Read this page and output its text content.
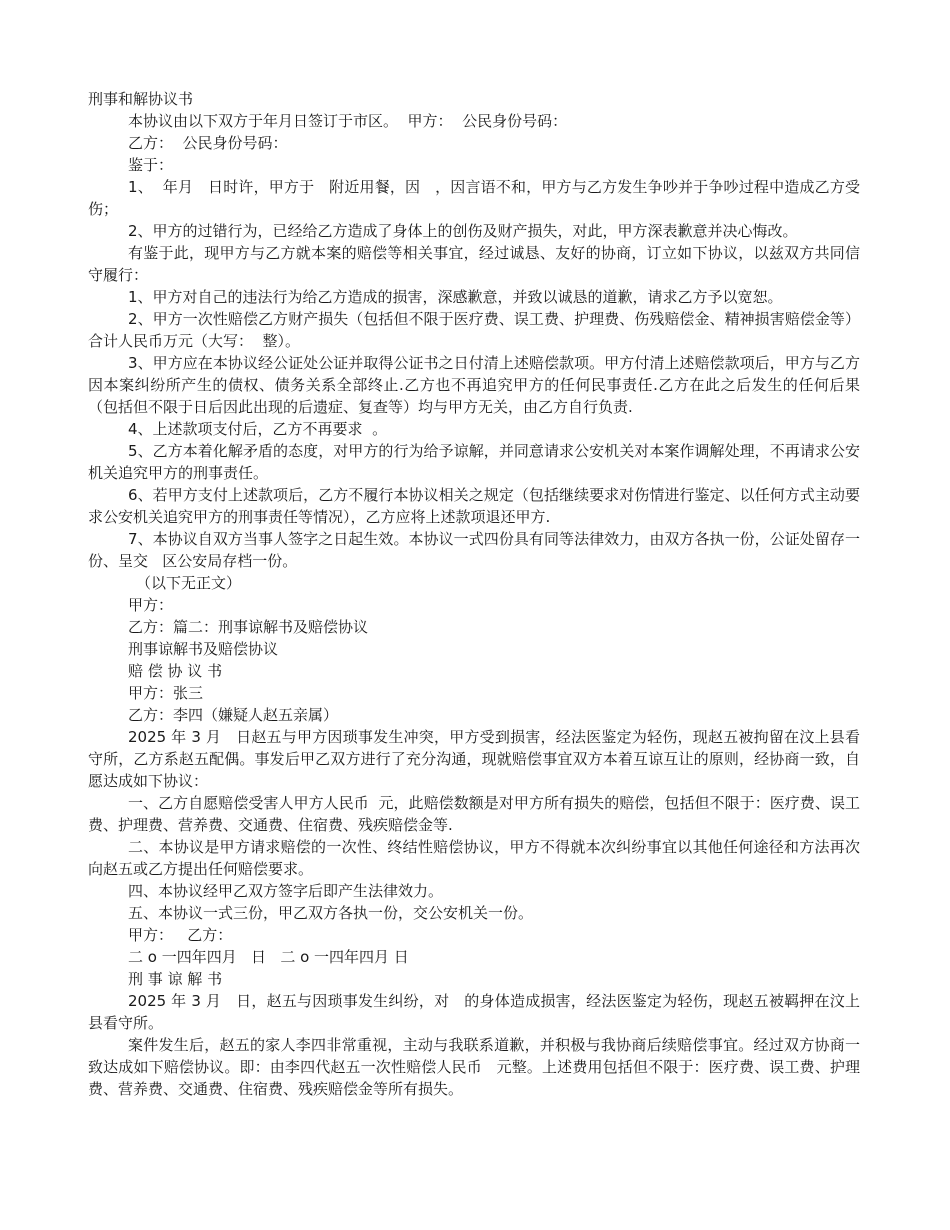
刑事和解协议书

本协议由以下双方于年月日签订于市区。  甲方：  公民身份号码：

乙方：  公民身份号码：

鉴于：

1、  年月   日时许，甲方于   附近用餐，因   ，因言语不和，甲方与乙方发生争吵并于争吵过程中造成乙方受伤；

2、甲方的过错行为，已经给乙方造成了身体上的创伤及财产损失，对此，甲方深表歉意并决心悔改。

有鉴于此，现甲方与乙方就本案的赔偿等相关事宜，经过诚恳、友好的协商，订立如下协议，以兹双方共同信守履行：

1、甲方对自己的违法行为给乙方造成的损害，深感歉意，并致以诚恳的道歉，请求乙方予以宽恕。

2、甲方一次性赔偿乙方财产损失（包括但不限于医疗费、误工费、护理费、伤残赔偿金、精神损害赔偿金等）合计人民币万元（大写：  整）。

3、甲方应在本协议经公证处公证并取得公证书之日付清上述赔偿款项。甲方付清上述赔偿款项后，甲方与乙方因本案纠纷所产生的债权、债务关系全部终止.乙方也不再追究甲方的任何民事责任.乙方在此之后发生的任何后果（包括但不限于日后因此出现的后遗症、复查等）均与甲方无关，由乙方自行负责.

4、上述款项支付后，乙方不再要求  。

5、乙方本着化解矛盾的态度，对甲方的行为给予谅解，并同意请求公安机关对本案作调解处理，不再请求公安机关追究甲方的刑事责任。

6、若甲方支付上述款项后，乙方不履行本协议相关之规定（包括继续要求对伤情进行鉴定、以任何方式主动要求公安机关追究甲方的刑事责任等情况），乙方应将上述款项退还甲方.

7、本协议自双方当事人签字之日起生效。本协议一式四份具有同等法律效力，由双方各执一份，公证处留存一份、呈交   区公安局存档一份。

（以下无正文）

甲方：

乙方：篇二：刑事谅解书及赔偿协议

刑事谅解书及赔偿协议

赔 偿 协 议 书

甲方：张三

乙方：李四（嫌疑人赵五亲属）

2025 年 3 月   日赵五与甲方因琐事发生冲突，甲方受到损害，经法医鉴定为轻伤，现赵五被拘留在汶上县看守所，乙方系赵五配偶。事发后甲乙双方进行了充分沟通，现就赔偿事宜双方本着互谅互让的原则，经协商一致，自愿达成如下协议：

一、乙方自愿赔偿受害人甲方人民币  元，此赔偿数额是对甲方所有损失的赔偿，包括但不限于：医疗费、误工费、护理费、营养费、交通费、住宿费、残疾赔偿金等.

二、本协议是甲方请求赔偿的一次性、终结性赔偿协议，甲方不得就本次纠纷事宜以其他任何途径和方法再次向赵五或乙方提出任何赔偿要求。

四、本协议经甲乙双方签字后即产生法律效力。

五、本协议一式三份，甲乙双方各执一份，交公安机关一份。

甲方：   乙方：

二 o 一四年四月   日   二 o 一四年四月 日

刑 事 谅 解 书

2025 年 3 月   日，赵五与因琐事发生纠纷，对   的身体造成损害，经法医鉴定为轻伤，现赵五被羁押在汶上县看守所。

案件发生后，赵五的家人李四非常重视，主动与我联系道歉，并积极与我协商后续赔偿事宜。经过双方协商一致达成如下赔偿协议。即：由李四代赵五一次性赔偿人民币   元整。上述费用包括但不限于：医疗费、误工费、护理费、营养费、交通费、住宿费、残疾赔偿金等所有损失。
